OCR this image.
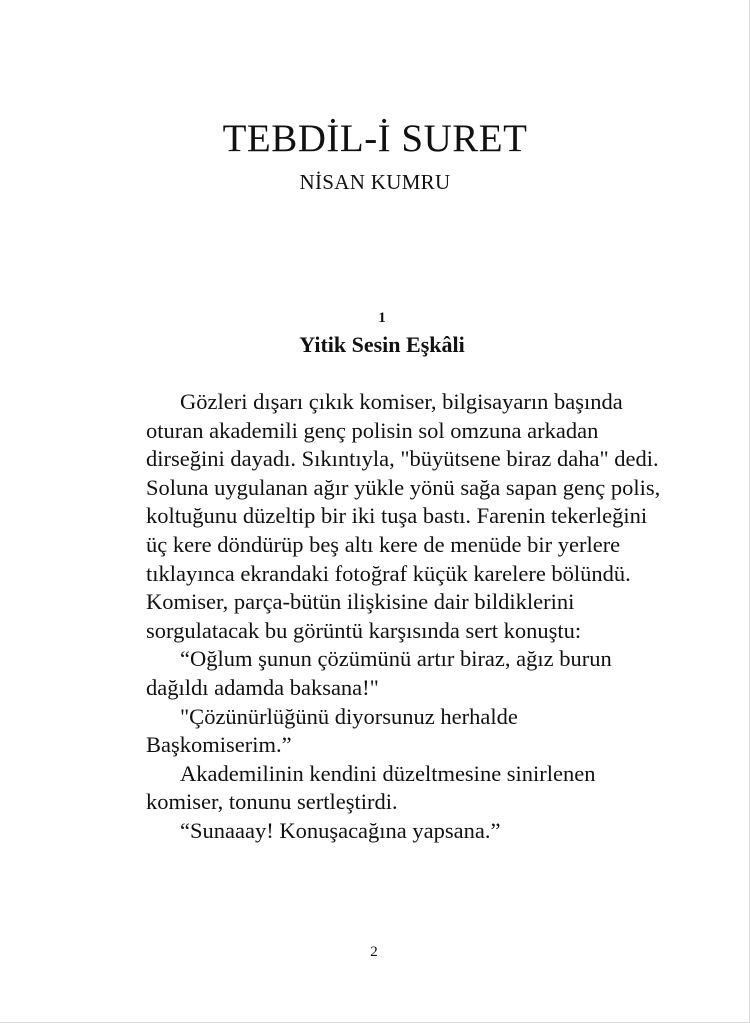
TEBDİL-İ SURET
NİSAN KUMRU
1
Yitik Sesin Eşkâli

Gözleri dışarı çıkık komiser, bilgisayarın başında oturan akademili genç polisin sol omzuna arkadan dirseğini dayadı. Sıkıntıyla, "büyütsene biraz daha" dedi. Soluna uygulanan ağır yükle yönü sağa sapan genç polis, koltuğunu düzeltip bir iki tuşa bastı. Farenin tekerleğini üç kere döndürüp beş altı kere de menüde bir yerlere tıklayınca ekrandaki fotoğraf küçük karelere bölündü. Komiser, parça-bütün ilişkisine dair bildiklerini sorgulatacak bu görüntü karşısında sert konuştu:

“Oğlum şunun çözümünü artır biraz, ağız burun dağıldı adamda baksana!"

"Çözünürlüğünü diyorsunuz herhalde Başkomiserim.”

Akademilinin kendini düzeltmesine sinirlenen komiser, tonunu sertleştirdi.

“Sunaaay! Konuşacağına yapsana.”

2
